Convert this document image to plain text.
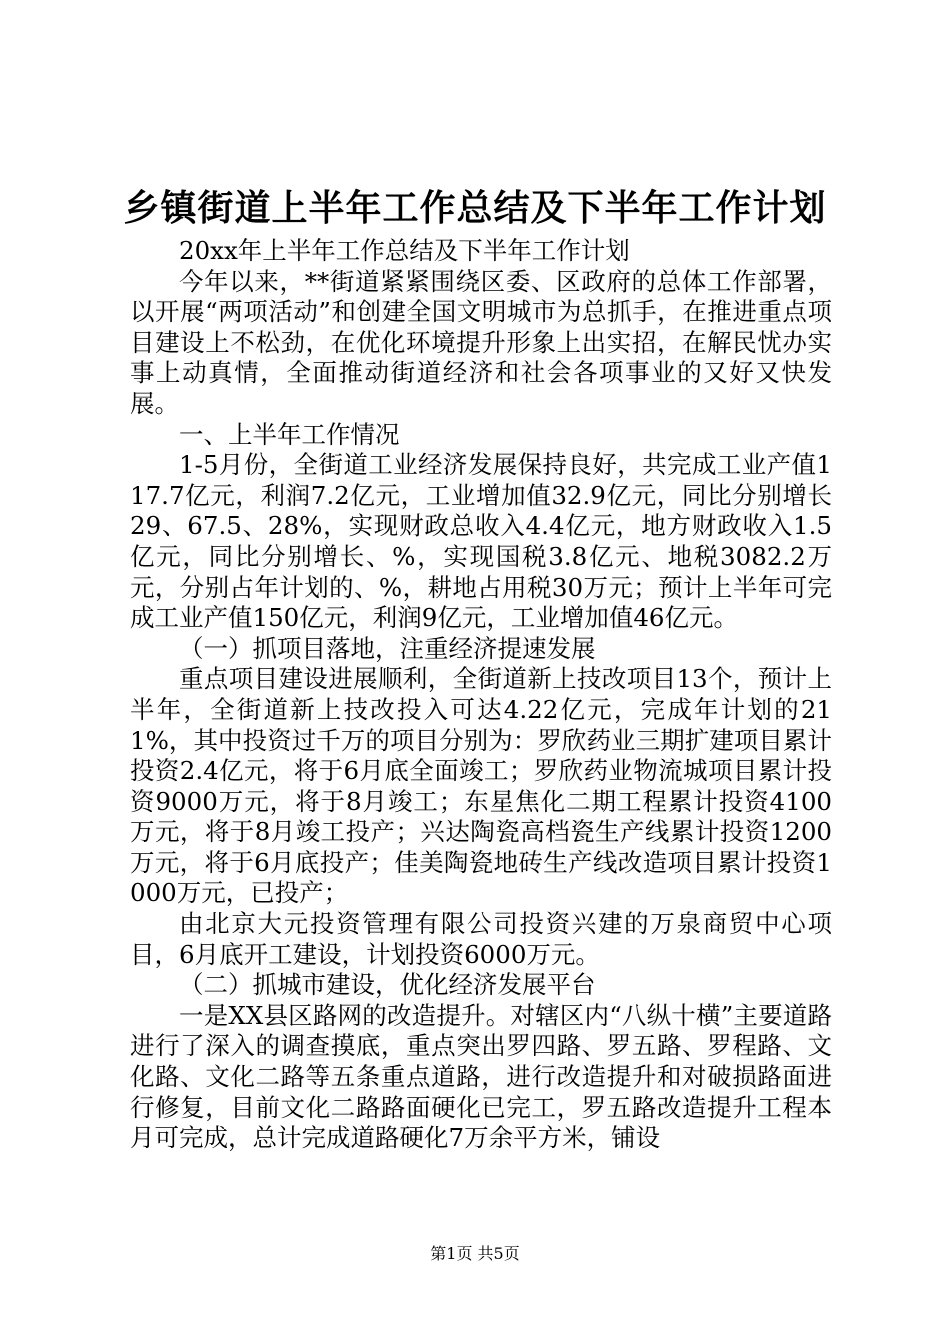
乡镇街道上半年工作总结及下半年工作计划

20xx年上半年工作总结及下半年工作计划

今年以来，**街道紧紧围绕区委、区政府的总体工作部署，以开展“两项活动”和创建全国文明城市为总抓手，在推进重点项目建设上不松劲，在优化环境提升形象上出实招，在解民忧办实事上动真情，全面推动街道经济和社会各项事业的又好又快发展。

一、上半年工作情况

1-5月份，全街道工业经济发展保持良好，共完成工业产值117.7亿元，利润7.2亿元，工业增加值32.9亿元，同比分别增长29、67.5、28%，实现财政总收入4.4亿元，地方财政收入1.5亿元，同比分别增长、%，实现国税3.8亿元、地税3082.2万元，分别占年计划的、%，耕地占用税30万元；预计上半年可完成工业产值150亿元，利润9亿元，工业增加值46亿元。

（一）抓项目落地，注重经济提速发展

重点项目建设进展顺利，全街道新上技改项目13个，预计上半年，全街道新上技改投入可达4.22亿元，完成年计划的211%，其中投资过千万的项目分别为：罗欣药业三期扩建项目累计投资2.4亿元，将于6月底全面竣工；罗欣药业物流城项目累计投资9000万元，将于8月竣工；东星焦化二期工程累计投资4100万元，将于8月竣工投产；兴达陶瓷高档瓷生产线累计投资1200万元，将于6月底投产；佳美陶瓷地砖生产线改造项目累计投资1000万元，已投产；

由北京大元投资管理有限公司投资兴建的万泉商贸中心项目，6月底开工建设，计划投资6000万元。

（二）抓城市建设，优化经济发展平台

一是XX县区路网的改造提升。对辖区内“八纵十横”主要道路进行了深入的调查摸底，重点突出罗四路、罗五路、罗程路、文化路、文化二路等五条重点道路，进行改造提升和对破损路面进行修复，目前文化二路路面硬化已完工，罗五路改造提升工程本月可完成，总计完成道路硬化7万余平方米，铺设

第1页 共5页
